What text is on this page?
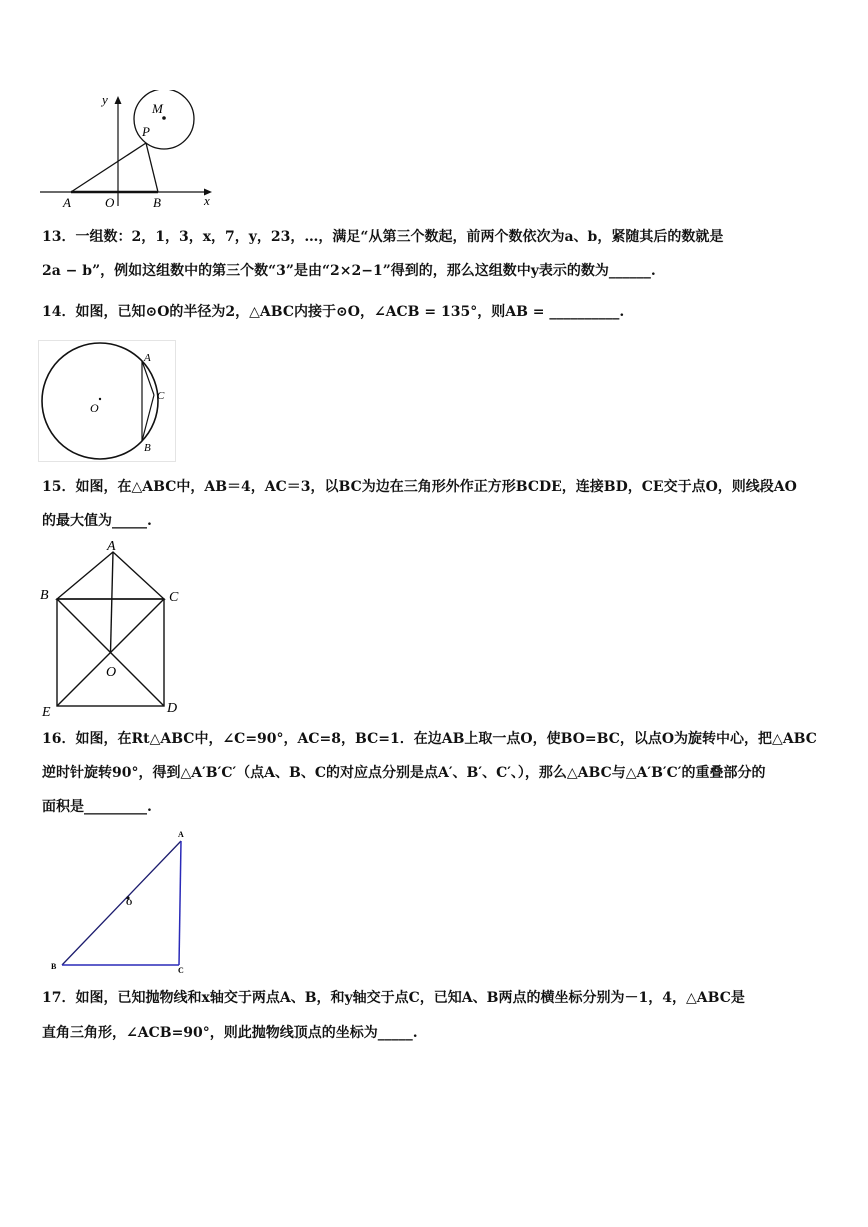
y
M
P
A	O	B	x
13．一组数：2，1，3，x，7，y，23，…，满足“从第三个数起，前两个数依次为a、b，紧随其后的数就是
2a − b”，例如这组数中的第三个数“3”是由“2×2−1”得到的，那么这组数中y表示的数为______.
14．如图，已知⊙O的半径为2，△ABC内接于⊙O，∠ACB = 135°，则AB = __________.
A
C
O
B
15．如图，在△ABC中，AB＝4，AC＝3，以BC为边在三角形外作正方形BCDE，连接BD，CE交于点O，则线段AO
的最大值为_____.
A
B	C
O
E	D
16．如图，在Rt△ABC中，∠C=90°，AC=8，BC=1．在边AB上取一点O，使BO=BC，以点O为旋转中心，把△ABC
逆时针旋转90°，得到△A′B′C′（点A、B、C的对应点分别是点A′、B′、C′、），那么△ABC与△A′B′C′的重叠部分的
面积是_________.
A
O
B	C
17．如图，已知抛物线和x轴交于两点A、B，和y轴交于点C，已知A、B两点的横坐标分别为－1，4，△ABC是
直角三角形，∠ACB=90°，则此抛物线顶点的坐标为_____.
